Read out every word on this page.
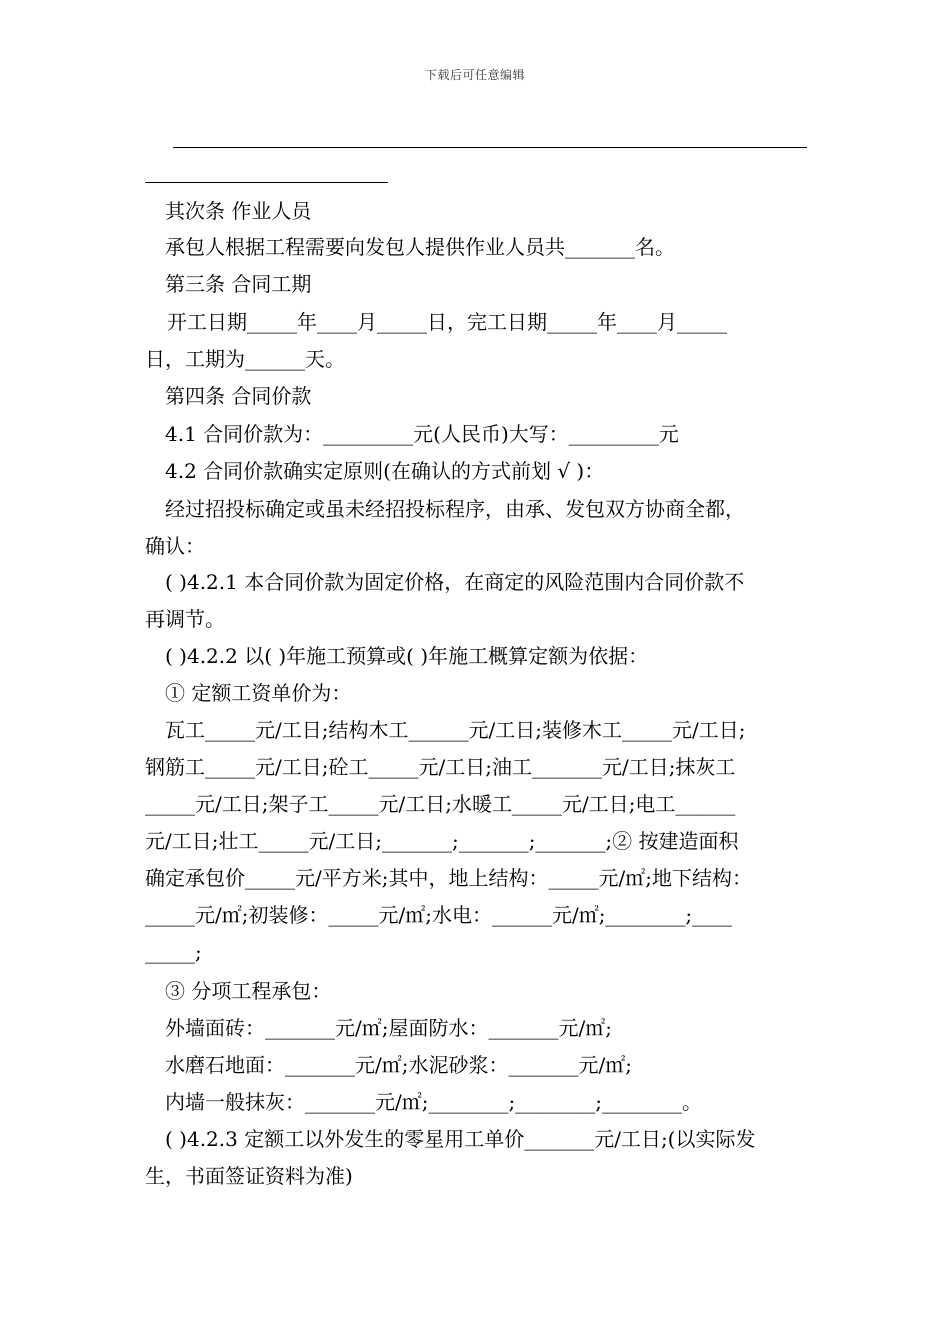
下载后可任意编辑

其次条 作业人员

承包人根据工程需要向发包人提供作业人员共_______名。

第三条 合同工期

开工日期_____年____月_____日，完工日期_____年____月_____

日，工期为______天。

第四条 合同价款

4.1 合同价款为：_________元(人民币)大写：_________元

4.2 合同价款确实定原则(在确认的方式前划 √ )：

经过招投标确定或虽未经招投标程序，由承、发包双方协商全都，

确认：

( )4.2.1 本合同价款为固定价格，在商定的风险范围内合同价款不

再调节。

( )4.2.2 以( )年施工预算或( )年施工概算定额为依据：

① 定额工资单价为：

瓦工_____元/工日;结构木工______元/工日;装修木工_____元/工日;

钢筋工_____元/工日;砼工_____元/工日;油工_______元/工日;抹灰工

_____元/工日;架子工_____元/工日;水暖工_____元/工日;电工______

元/工日;壮工_____元/工日;_______;_______;_______;② 按建造面积

确定承包价_____元/平方米;其中，地上结构：_____元/㎡;地下结构：

_____元/㎡;初装修：_____元/㎡;水电：______元/㎡;________;____

_____;

③ 分项工程承包：

外墙面砖：_______元/㎡;屋面防水：_______元/㎡;

水磨石地面：_______元/㎡;水泥砂浆：_______元/㎡;

内墙一般抹灰：_______元/㎡;________;________;________。

( )4.2.3 定额工以外发生的零星用工单价_______元/工日;(以实际发

生，书面签证资料为准)
